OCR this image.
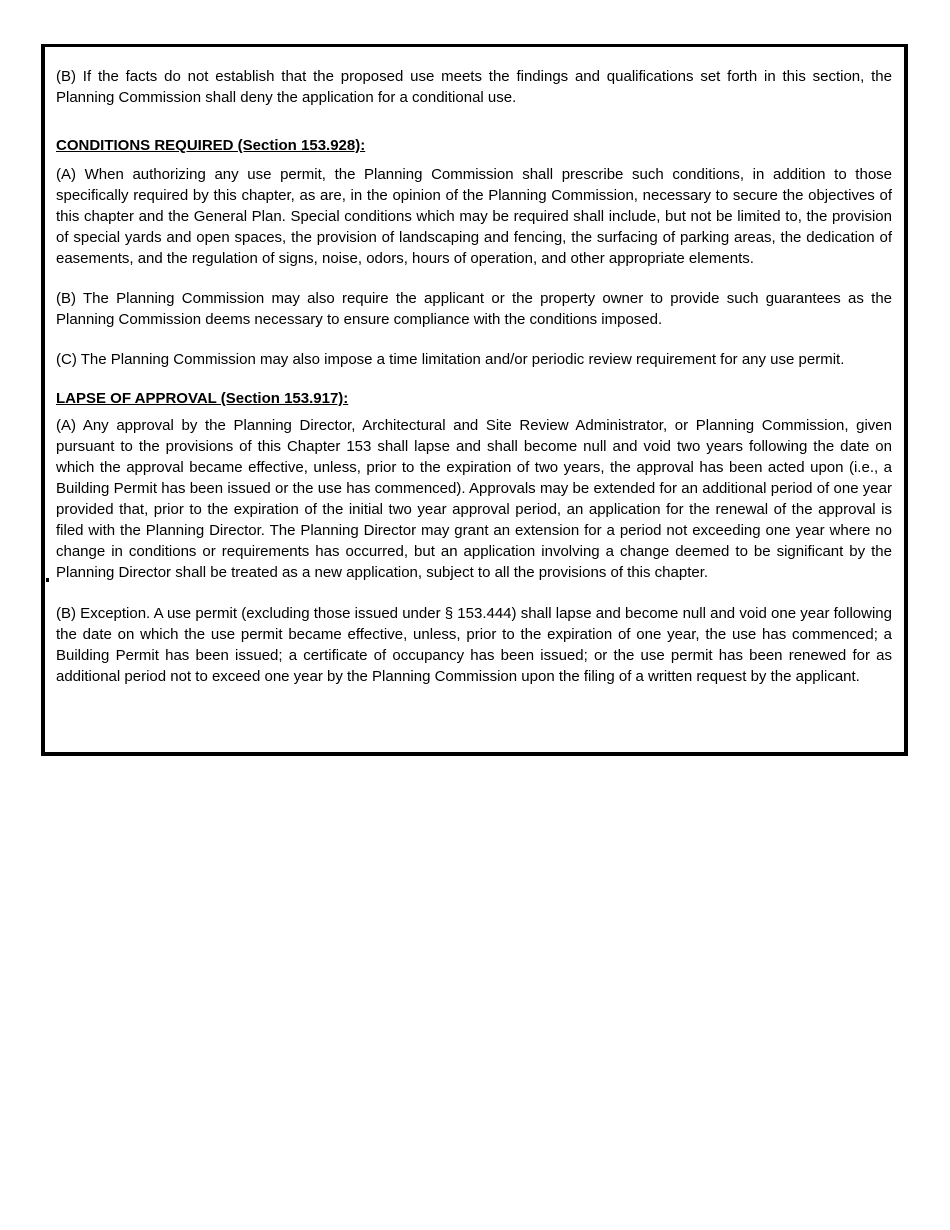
(B) If the facts do not establish that the proposed use meets the findings and qualifications set forth in this section, the Planning Commission shall deny the application for a conditional use.

CONDITIONS REQUIRED (Section 153.928):

(A) When authorizing any use permit, the Planning Commission shall prescribe such conditions, in addition to those specifically required by this chapter, as are, in the opinion of the Planning Commission, necessary to secure the objectives of this chapter and the General Plan. Special conditions which may be required shall include, but not be limited to, the provision of special yards and open spaces, the provision of landscaping and fencing, the surfacing of parking areas, the dedication of easements, and the regulation of signs, noise, odors, hours of operation, and other appropriate elements.

(B) The Planning Commission may also require the applicant or the property owner to provide such guarantees as the Planning Commission deems necessary to ensure compliance with the conditions imposed.

(C) The Planning Commission may also impose a time limitation and/or periodic review requirement for any use permit.

LAPSE OF APPROVAL (Section 153.917):

(A) Any approval by the Planning Director, Architectural and Site Review Administrator, or Planning Commission, given pursuant to the provisions of this Chapter 153 shall lapse and shall become null and void two years following the date on which the approval became effective, unless, prior to the expiration of two years, the approval has been acted upon (i.e., a Building Permit has been issued or the use has commenced). Approvals may be extended for an additional period of one year provided that, prior to the expiration of the initial two year approval period, an application for the renewal of the approval is filed with the Planning Director. The Planning Director may grant an extension for a period not exceeding one year where no change in conditions or requirements has occurred, but an application involving a change deemed to be significant by the Planning Director shall be treated as a new application, subject to all the provisions of this chapter.

(B) Exception. A use permit (excluding those issued under § 153.444) shall lapse and become null and void one year following the date on which the use permit became effective, unless, prior to the expiration of one year, the use has commenced; a Building Permit has been issued; a certificate of occupancy has been issued; or the use permit has been renewed for as additional period not to exceed one year by the Planning Commission upon the filing of a written request by the applicant.
